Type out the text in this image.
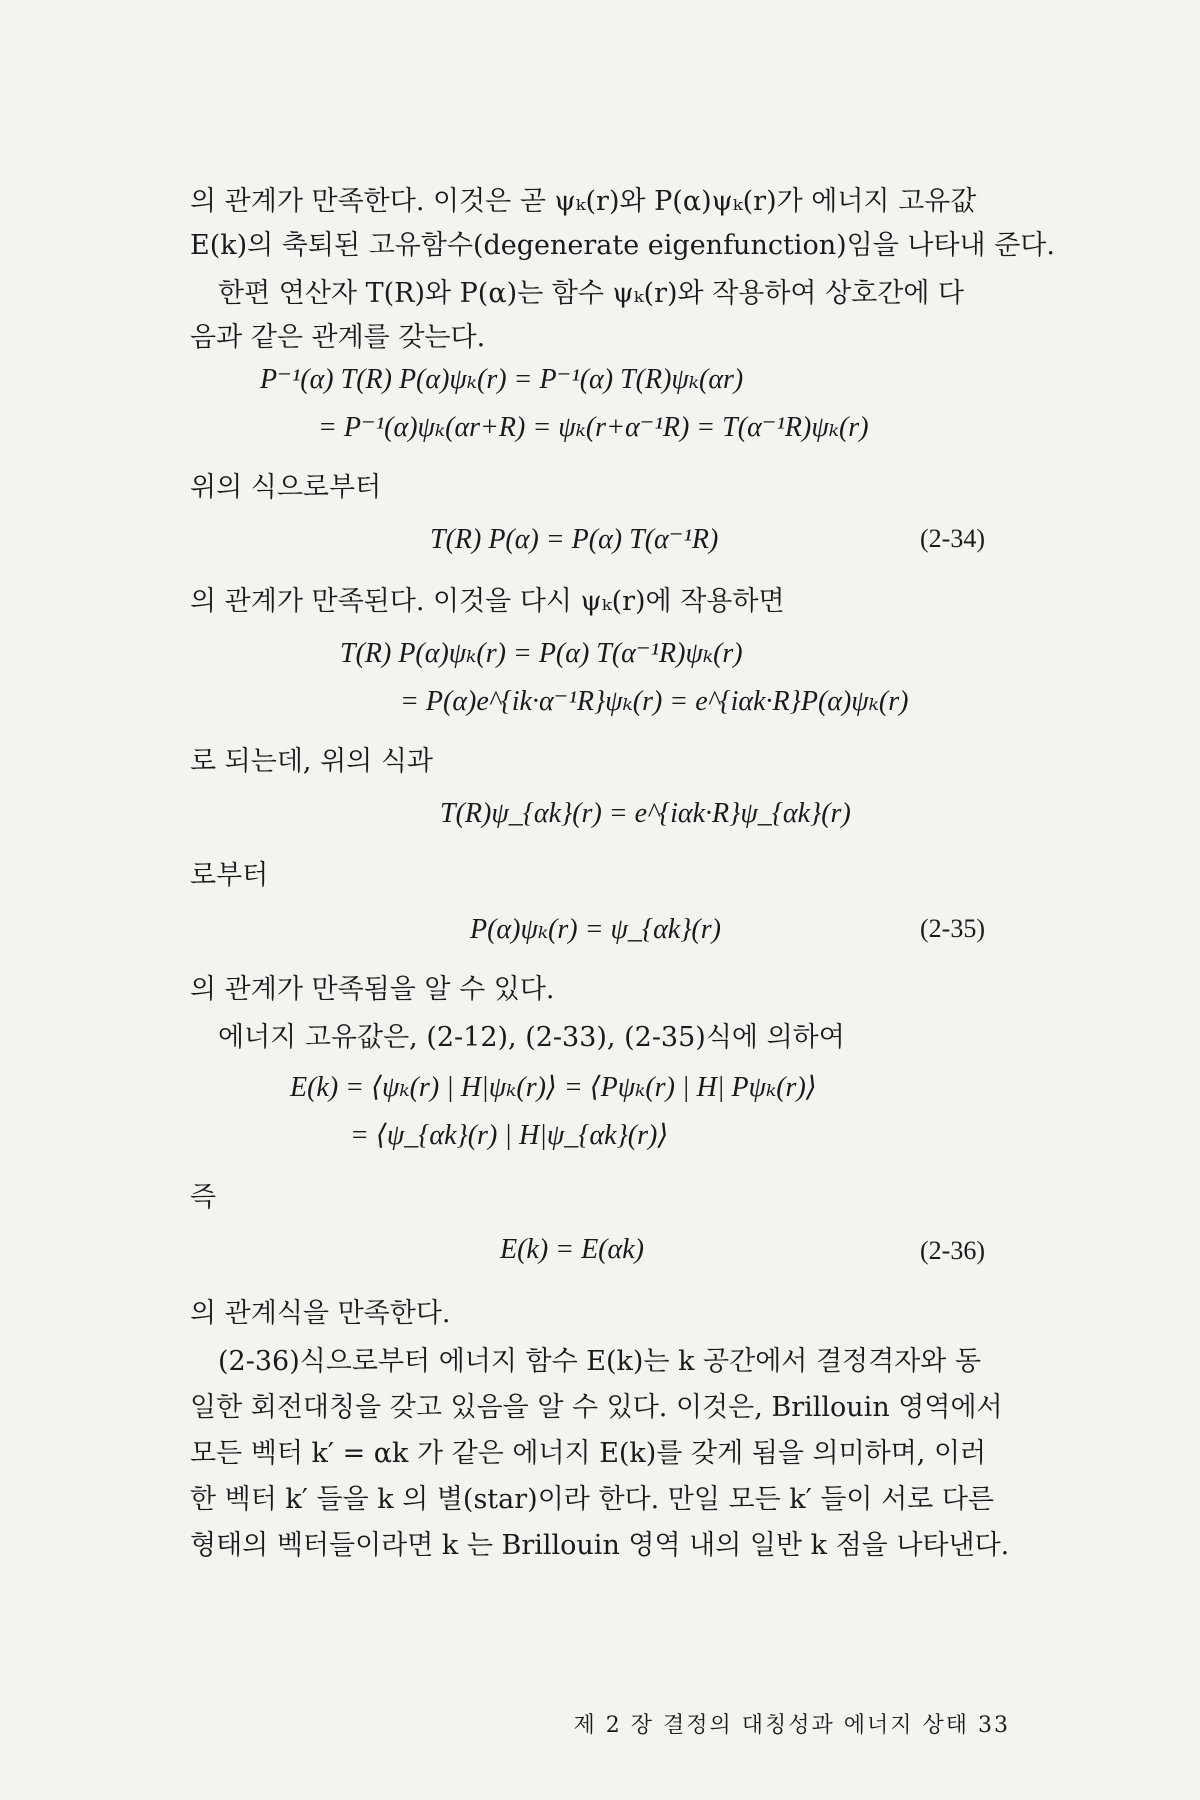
의 관계가 만족한다. 이것은 곧 ψₖ(r)와 P(α)ψₖ(r)가 에너지 고유값
E(k)의 축퇴된 고유함수(degenerate eigenfunction)임을 나타내 준다.
한편 연산자 T(R)와 P(α)는 함수 ψₖ(r)와 작용하여 상호간에 다
음과 같은 관계를 갖는다.
P⁻¹(α) T(R) P(α)ψₖ(r) = P⁻¹(α) T(R)ψₖ(αr)
= P⁻¹(α)ψₖ(αr+R) = ψₖ(r+α⁻¹R) = T(α⁻¹R)ψₖ(r)
위의 식으로부터
T(R) P(α) = P(α) T(α⁻¹R)	(2-34)
의 관계가 만족된다. 이것을 다시 ψₖ(r)에 작용하면
T(R) P(α)ψₖ(r) = P(α) T(α⁻¹R)ψₖ(r)
= P(α)e^{ik·α⁻¹R}ψₖ(r) = e^{iαk·R}P(α)ψₖ(r)
로 되는데, 위의 식과
T(R)ψ_{αk}(r) = e^{iαk·R}ψ_{αk}(r)
로부터
P(α)ψₖ(r) = ψ_{αk}(r)	(2-35)
의 관계가 만족됨을 알 수 있다.
에너지 고유값은, (2-12), (2-33), (2-35)식에 의하여
E(k) = ⟨ψₖ(r) | H|ψₖ(r)⟩ = ⟨Pψₖ(r) | H| Pψₖ(r)⟩
= ⟨ψ_{αk}(r) | H|ψ_{αk}(r)⟩
즉
E(k) = E(αk)	(2-36)
의 관계식을 만족한다.
(2-36)식으로부터 에너지 함수 E(k)는 k 공간에서 결정격자와 동
일한 회전대칭을 갖고 있음을 알 수 있다. 이것은, Brillouin 영역에서
모든 벡터 k′ = αk 가 같은 에너지 E(k)를 갖게 됨을 의미하며, 이러
한 벡터 k′ 들을 k 의 별(star)이라 한다. 만일 모든 k′ 들이 서로 다른
형태의 벡터들이라면 k 는 Brillouin 영역 내의 일반 k 점을 나타낸다.
제 2 장 결정의 대칭성과 에너지 상태 33
